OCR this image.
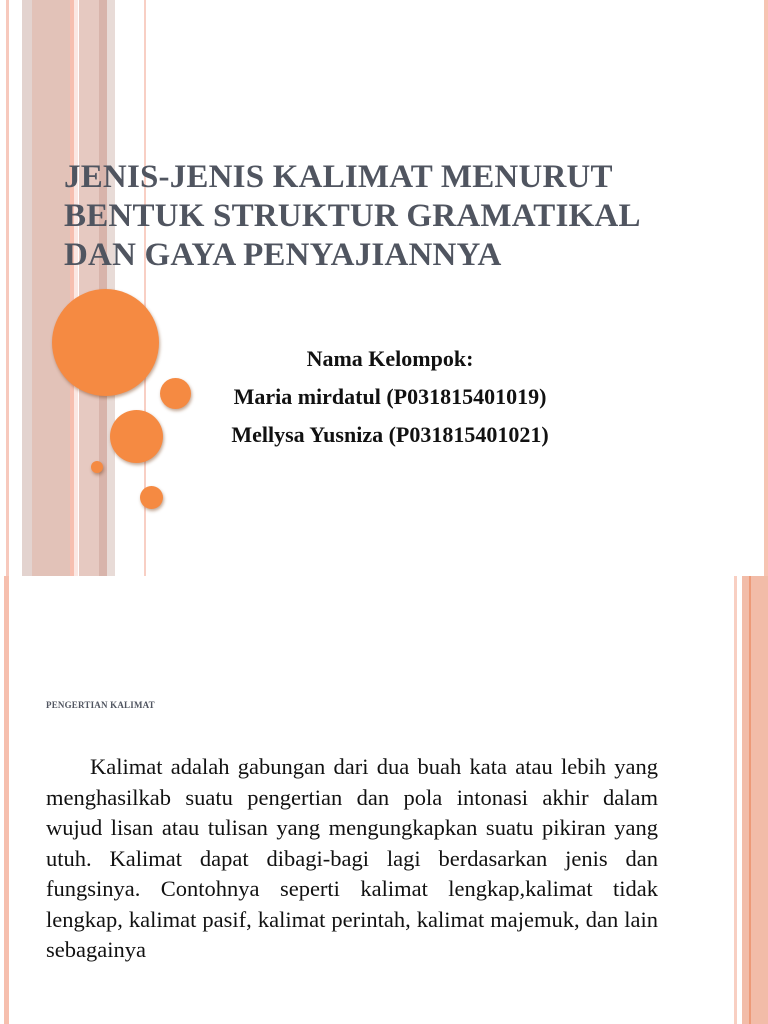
JENIS-JENIS KALIMAT MENURUT
BENTUK STRUKTUR GRAMATIKAL
DAN GAYA PENYAJIANNYA
Nama Kelompok:
Maria mirdatul (P031815401019)
Mellysa Yusniza (P031815401021)
PENGERTIAN KALIMAT

Kalimat adalah gabungan dari dua buah kata atau lebih yang menghasilkab suatu pengertian dan pola intonasi akhir dalam wujud lisan atau tulisan yang mengungkapkan suatu pikiran yang utuh. Kalimat dapat dibagi-bagi lagi berdasarkan jenis dan fungsinya. Contohnya seperti kalimat lengkap,kalimat tidak lengkap, kalimat pasif, kalimat perintah, kalimat majemuk, dan lain sebagainya
